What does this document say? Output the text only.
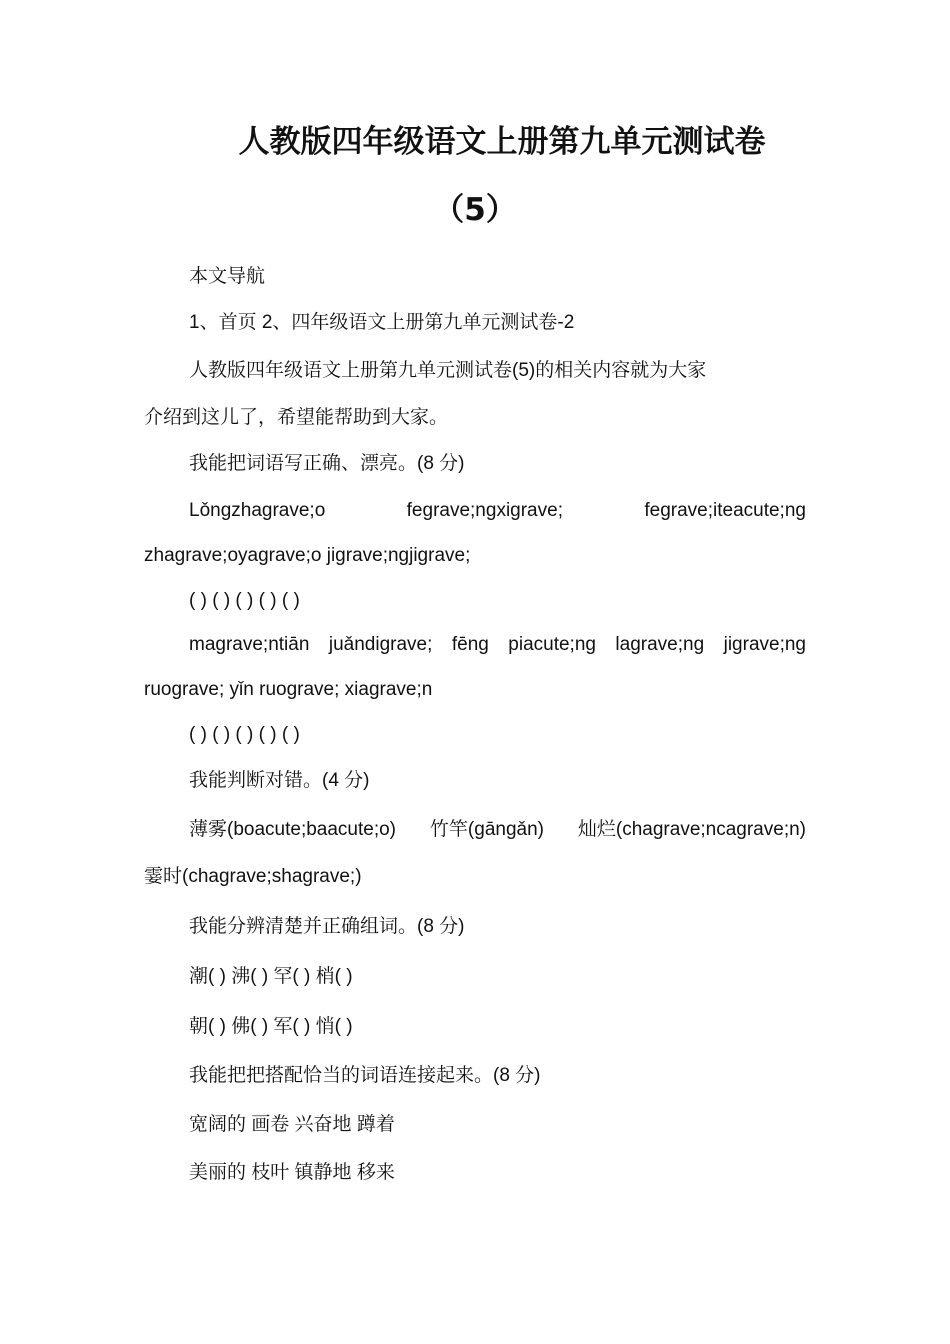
人教版四年级语文上册第九单元测试卷
（5）
本文导航
1、首页 2、四年级语文上册第九单元测试卷-2
人教版四年级语文上册第九单元测试卷(5)的相关内容就为大家
介绍到这儿了，希望能帮助到大家。
我能把词语写正确、漂亮。(8 分)
Lǒngzhagrave;o	fegrave;ngxigrave;	fegrave;iteacute;ng
zhagrave;oyagrave;o jigrave;ngjigrave;
( ) ( ) ( ) ( ) ( )
magrave;ntiān juǎndigrave; fēng piacute;ng lagrave;ng jigrave;ng
ruograve; yǐn ruograve; xiagrave;n
( ) ( ) ( ) ( ) ( )
我能判断对错。(4 分)
薄雾(boacute;baacute;o) 竹竿(gāngǎn) 灿烂(chagrave;ncagrave;n)
霎时(chagrave;shagrave;)
我能分辨清楚并正确组词。(8 分)
潮( ) 沸( ) 罕( ) 梢( )
朝( ) 佛( ) 军( ) 悄( )
我能把把搭配恰当的词语连接起来。(8 分)
宽阔的 画卷 兴奋地 蹲着
美丽的 枝叶 镇静地 移来
